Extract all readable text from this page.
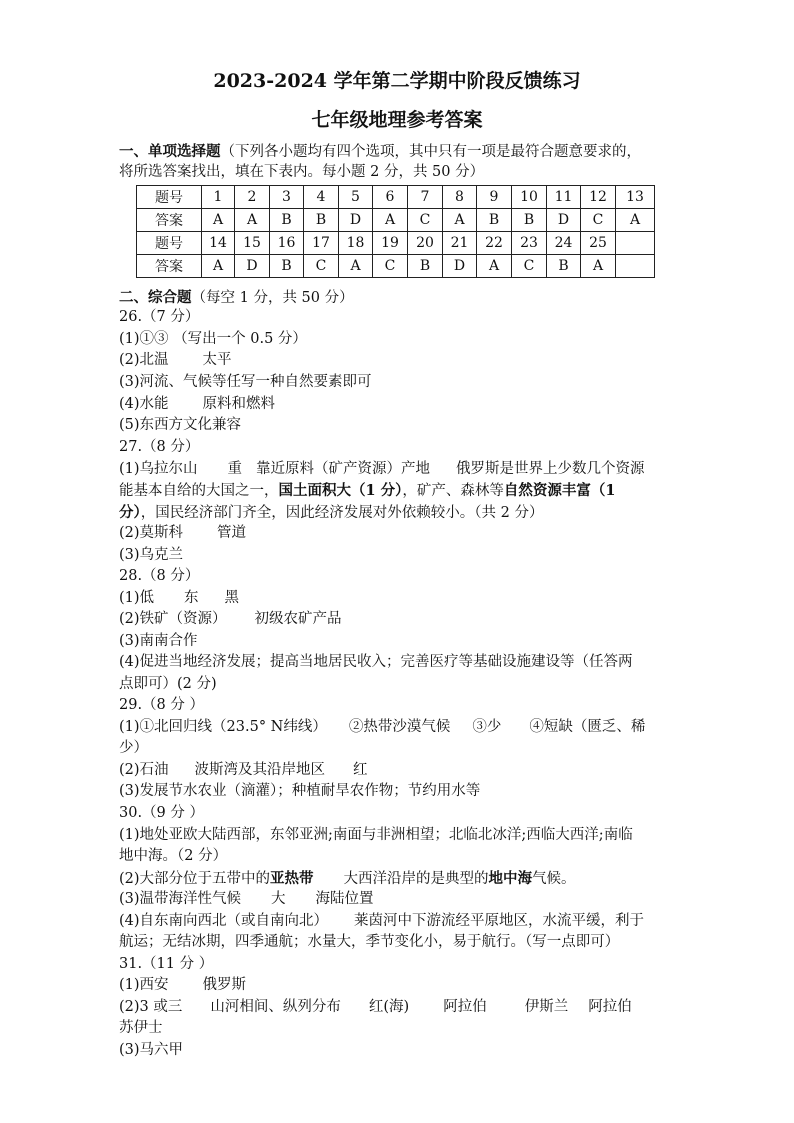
2023-2024 学年第二学期中阶段反馈练习
七年级地理参考答案
一、单项选择题（下列各小题均有四个选项，其中只有一项是最符合题意要求的，
将所选答案找出，填在下表内。每小题 2 分，共 50 分）
题号	1	2	3	4	5	6	7	8	9	10	11	12	13
答案	A	A	B	B	D	A	C	A	B	B	D	C	A
题号	14	15	16	17	18	19	20	21	22	23	24	25	
答案	A	D	B	C	A	C	B	D	A	C	B	A	
二、综合题（每空 1 分，共 50 分）
26.（7 分）
(1)①③ （写出一个 0.5 分）
(2)北温 太平
(3)河流、气候等任写一种自然要素即可
(4)水能 原料和燃料
(5)东西方文化兼容
27.（8 分）
(1)乌拉尔山 重 靠近原料（矿产资源）产地 俄罗斯是世界上少数几个资源
能基本自给的大国之一，国土面积大（1 分），矿产、森林等自然资源丰富（1
分），国民经济部门齐全，因此经济发展对外依赖较小。（共 2 分）
(2)莫斯科 管道
(3)乌克兰
28.（8 分）
(1)低 东 黑
(2)铁矿（资源） 初级农矿产品
(3)南南合作
(4)促进当地经济发展；提高当地居民收入；完善医疗等基础设施建设等（任答两
点即可）(2 分)
29.（8 分 ）
(1)①北回归线（23.5° N纬线） ②热带沙漠气候 ③少 ④短缺（匮乏、稀
少）
(2)石油 波斯湾及其沿岸地区 红
(3)发展节水农业（滴灌）；种植耐旱农作物；节约用水等
30.（9 分 ）
(1)地处亚欧大陆西部，东邻亚洲;南面与非洲相望；北临北冰洋;西临大西洋;南临
地中海。（2 分）
(2)大部分位于五带中的亚热带 大西洋沿岸的是典型的地中海气候。
(3)温带海洋性气候 大 海陆位置
(4)自东南向西北（或自南向北） 莱茵河中下游流经平原地区，水流平缓，利于
航运；无结冰期，四季通航；水量大，季节变化小，易于航行。（写一点即可）
31.（11 分 ）
(1)西安 俄罗斯
(2)3 或三 山河相间、纵列分布 红(海) 阿拉伯	伊斯兰 阿拉伯
苏伊士
(3)马六甲
